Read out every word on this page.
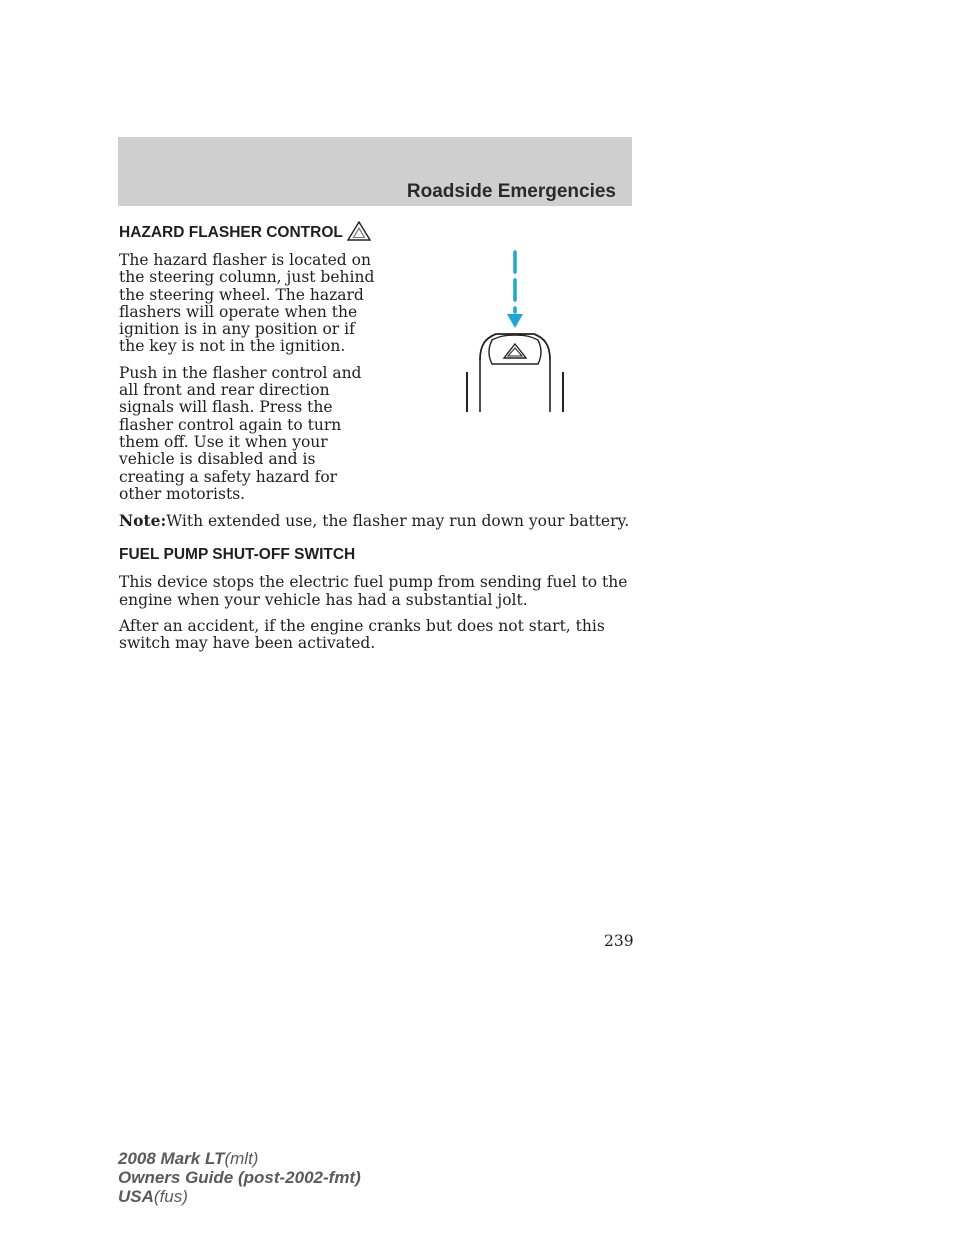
Roadside Emergencies
HAZARD FLASHER CONTROL

The hazard flasher is located on the steering column, just behind the steering wheel. The hazard flashers will operate when the ignition is in any position or if the key is not in the ignition.

Push in the flasher control and all front and rear direction signals will flash. Press the flasher control again to turn them off. Use it when your vehicle is disabled and is creating a safety hazard for other motorists.

Note:With extended use, the flasher may run down your battery.

FUEL PUMP SHUT-OFF SWITCH

This device stops the electric fuel pump from sending fuel to the engine when your vehicle has had a substantial jolt.

After an accident, if the engine cranks but does not start, this switch may have been activated.

239
2008 Mark LT(mlt)
Owners Guide (post-2002-fmt)
USA(fus)
